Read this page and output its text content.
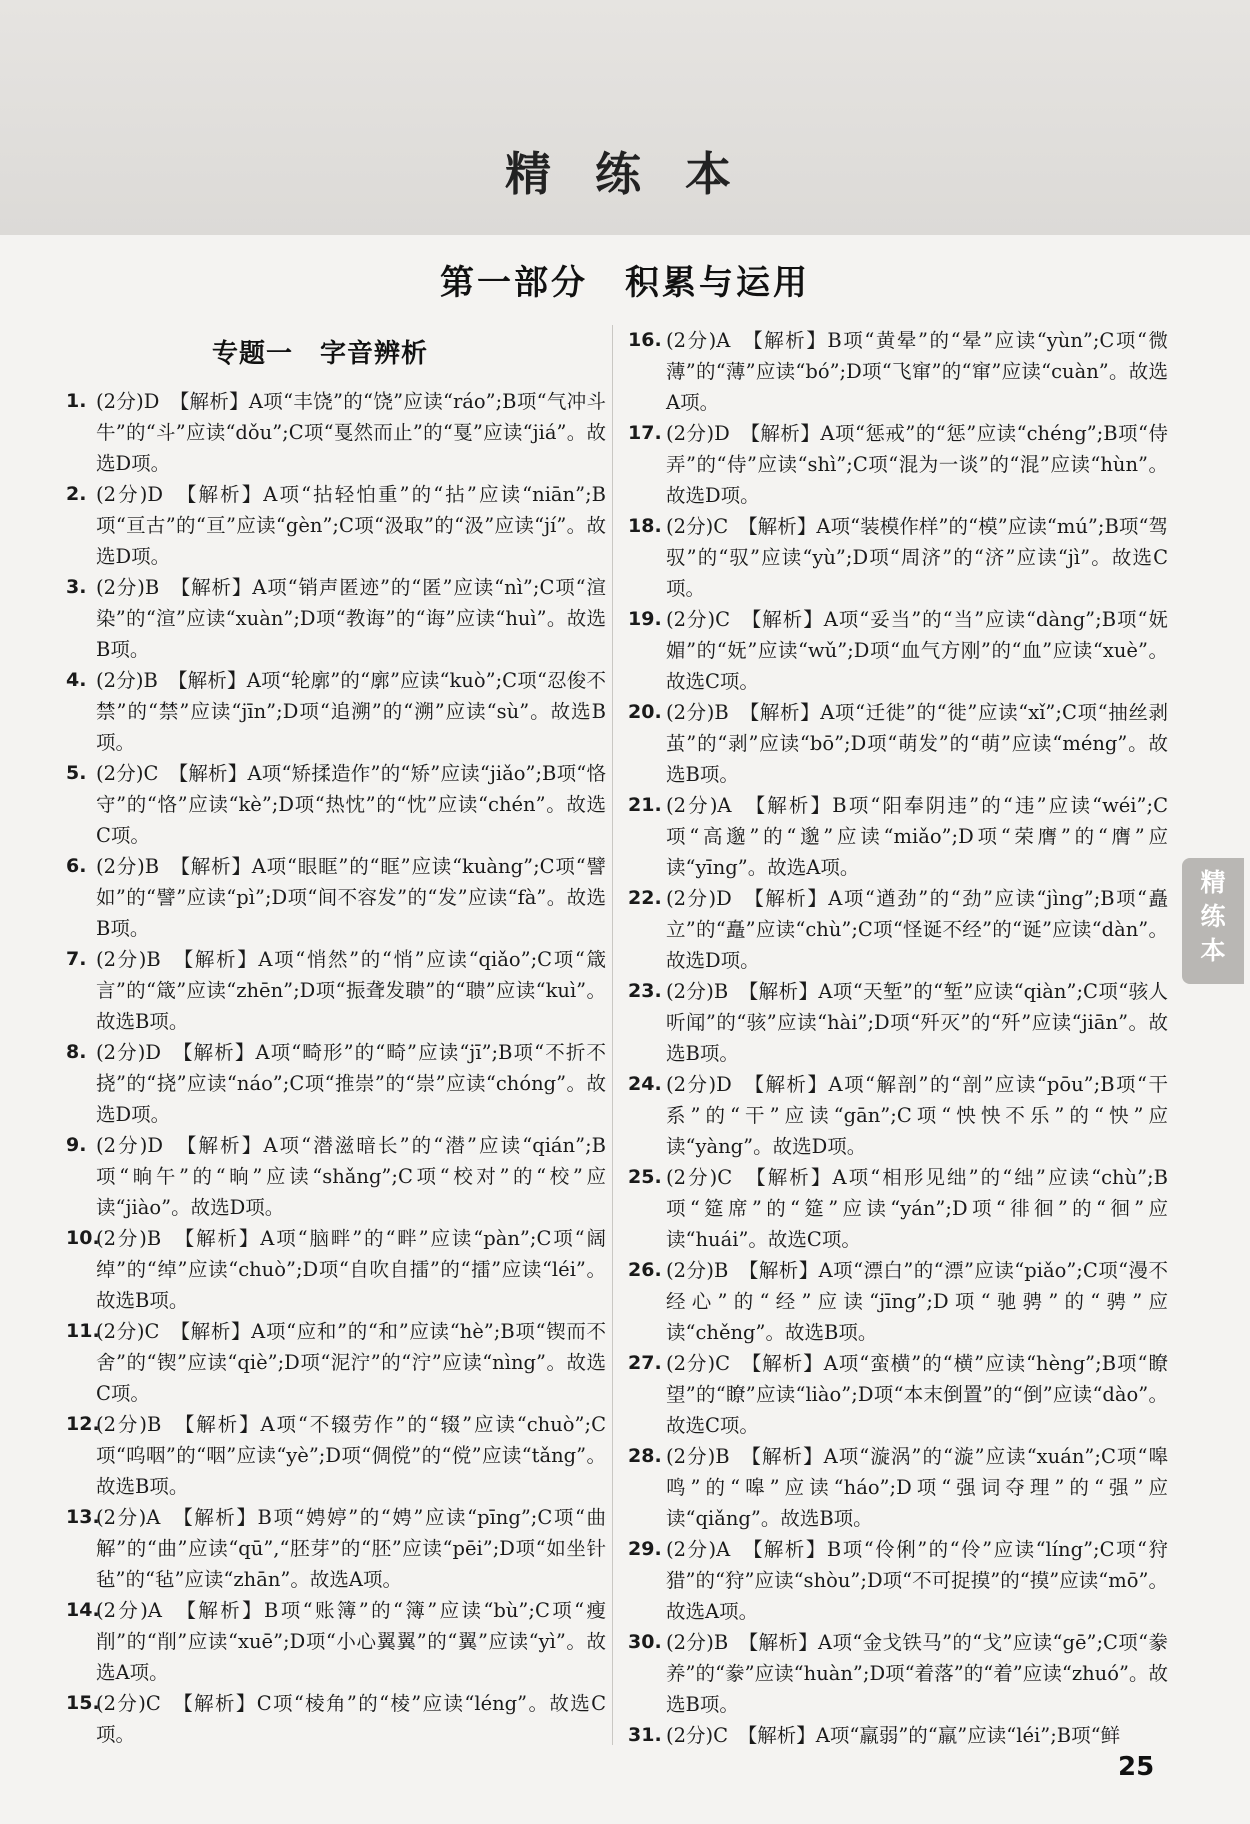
精 练 本
第一部分　积累与运用
专题一　字音辨析
1. (2分)D　【解析】A项“丰饶”的“饶”应读“ráo”;B项“气冲斗牛”的“斗”应读“dǒu”;C项“戛然而止”的“戛”应读“jiá”。故选D项。
2. (2分)D　【解析】A项“拈轻怕重”的“拈”应读“niān”;B项“亘古”的“亘”应读“gèn”;C项“汲取”的“汲”应读“jí”。故选D项。
3. (2分)B　【解析】A项“销声匿迹”的“匿”应读“nì”;C项“渲染”的“渲”应读“xuàn”;D项“教诲”的“诲”应读“huì”。故选B项。
4. (2分)B　【解析】A项“轮廓”的“廓”应读“kuò”;C项“忍俊不禁”的“禁”应读“jīn”;D项“追溯”的“溯”应读“sù”。故选B项。
5. (2分)C　【解析】A项“矫揉造作”的“矫”应读“jiǎo”;B项“恪守”的“恪”应读“kè”;D项“热忱”的“忱”应读“chén”。故选C项。
6. (2分)B　【解析】A项“眼眶”的“眶”应读“kuàng”;C项“譬如”的“譬”应读“pì”;D项“间不容发”的“发”应读“fà”。故选B项。
7. (2分)B　【解析】A项“悄然”的“悄”应读“qiǎo”;C项“箴言”的“箴”应读“zhēn”;D项“振聋发聩”的“聩”应读“kuì”。故选B项。
8. (2分)D　【解析】A项“畸形”的“畸”应读“jī”;B项“不折不挠”的“挠”应读“náo”;C项“推崇”的“崇”应读“chóng”。故选D项。
9. (2分)D　【解析】A项“潜滋暗长”的“潜”应读“qián”;B项“晌午”的“晌”应读“shǎng”;C项“校对”的“校”应读“jiào”。故选D项。
10.
(2分)B　【解析】A项“脑畔”的“畔”应读“pàn”;C项“阔绰”的“绰”应读“chuò”;D项“自吹自擂”的“擂”应读“léi”。故选B项。
11.
(2分)C　【解析】A项“应和”的“和”应读“hè”;B项“锲而不舍”的“锲”应读“qiè”;D项“泥泞”的“泞”应读“nìng”。故选C项。
12.
(2分)B　【解析】A项“不辍劳作”的“辍”应读“chuò”;C项“呜咽”的“咽”应读“yè”;D项“倜傥”的“傥”应读“tǎng”。故选B项。
13.
(2分)A　【解析】B项“娉婷”的“娉”应读“pīng”;C项“曲解”的“曲”应读“qū”,“胚芽”的“胚”应读“pēi”;D项“如坐针毡”的“毡”应读“zhān”。故选A项。
14.
(2分)A　【解析】B项“账簿”的“簿”应读“bù”;C项“瘦削”的“削”应读“xuē”;D项“小心翼翼”的“翼”应读“yì”。故选A项。
15.
(2分)C　【解析】C项“棱角”的“棱”应读“léng”。故选C项。
16. (2分)A　【解析】B项“黄晕”的“晕”应读“yùn”;C项“微薄”的“薄”应读“bó”;D项“飞窜”的“窜”应读“cuàn”。故选A项。
17. (2分)D　【解析】A项“惩戒”的“惩”应读“chéng”;B项“侍弄”的“侍”应读“shì”;C项“混为一谈”的“混”应读“hùn”。故选D项。
18. (2分)C　【解析】A项“装模作样”的“模”应读“mú”;B项“驾驭”的“驭”应读“yù”;D项“周济”的“济”应读“jì”。故选C项。
19. (2分)C　【解析】A项“妥当”的“当”应读“dàng”;B项“妩媚”的“妩”应读“wǔ”;D项“血气方刚”的“血”应读“xuè”。故选C项。
20. (2分)B　【解析】A项“迁徙”的“徙”应读“xǐ”;C项“抽丝剥茧”的“剥”应读“bō”;D项“萌发”的“萌”应读“méng”。故选B项。
21. (2分)A　【解析】B项“阳奉阴违”的“违”应读“wéi”;C项“高邈”的“邈”应读“miǎo”;D项“荣膺”的“膺”应读“yīng”。故选A项。
22. (2分)D　【解析】A项“遒劲”的“劲”应读“jìng”;B项“矗立”的“矗”应读“chù”;C项“怪诞不经”的“诞”应读“dàn”。故选D项。
23. (2分)B　【解析】A项“天堑”的“堑”应读“qiàn”;C项“骇人听闻”的“骇”应读“hài”;D项“歼灭”的“歼”应读“jiān”。故选B项。
24. (2分)D　【解析】A项“解剖”的“剖”应读“pōu”;B项“干系”的“干”应读“gān”;C项“怏怏不乐”的“怏”应读“yàng”。故选D项。
25. (2分)C　【解析】A项“相形见绌”的“绌”应读“chù”;B项“筵席”的“筵”应读“yán”;D项“徘徊”的“徊”应读“huái”。故选C项。
26. (2分)B　【解析】A项“漂白”的“漂”应读“piǎo”;C项“漫不经心”的“经”应读“jīng”;D项“驰骋”的“骋”应读“chěng”。故选B项。
27. (2分)C　【解析】A项“蛮横”的“横”应读“hèng”;B项“瞭望”的“瞭”应读“liào”;D项“本末倒置”的“倒”应读“dào”。故选C项。
28. (2分)B　【解析】A项“漩涡”的“漩”应读“xuán”;C项“嗥鸣”的“嗥”应读“háo”;D项“强词夺理”的“强”应读“qiǎng”。故选B项。
29. (2分)A　【解析】B项“伶俐”的“伶”应读“líng”;C项“狩猎”的“狩”应读“shòu”;D项“不可捉摸”的“摸”应读“mō”。故选A项。
30. (2分)B　【解析】A项“金戈铁马”的“戈”应读“gē”;C项“豢养”的“豢”应读“huàn”;D项“着落”的“着”应读“zhuó”。故选B项。
31. (2分)C　【解析】A项“羸弱”的“羸”应读“léi”;B项“鲜
精
练
本
25
